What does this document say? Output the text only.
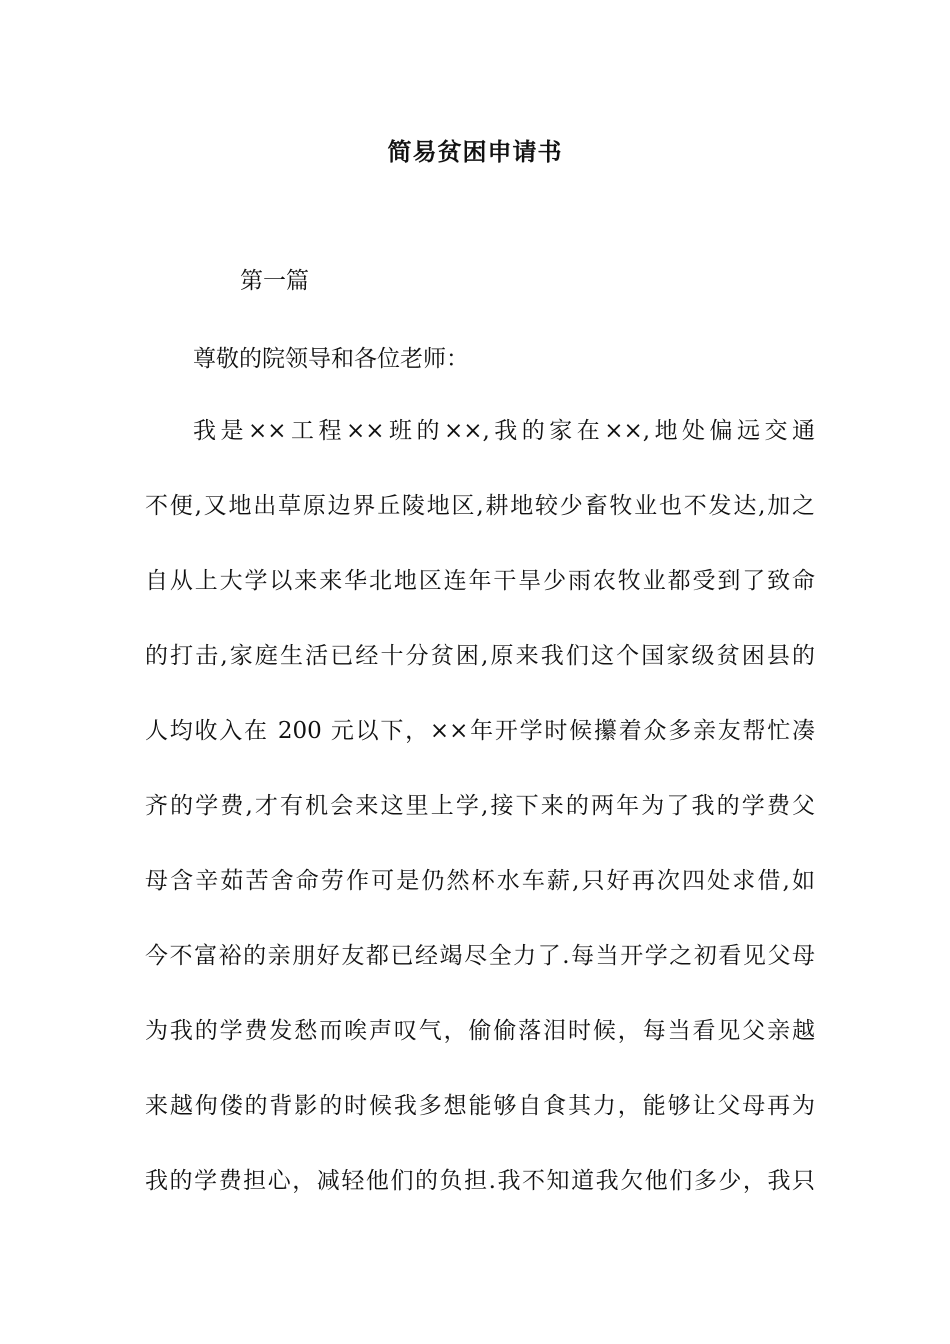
简易贫困申请书
第一篇
尊敬的院领导和各位老师：
我是××工程××班的××,我的家在××,地处偏远交通
不便,又地出草原边界丘陵地区,耕地较少畜牧业也不发达,加之
自从上大学以来来华北地区连年干旱少雨农牧业都受到了致命
的打击,家庭生活已经十分贫困,原来我们这个国家级贫困县的
人均收入在 200 元以下，××年开学时候攥着众多亲友帮忙凑
齐的学费,才有机会来这里上学,接下来的两年为了我的学费父
母含辛茹苦舍命劳作可是仍然杯水车薪,只好再次四处求借,如
今不富裕的亲朋好友都已经竭尽全力了.每当开学之初看见父母
为我的学费发愁而唉声叹气，偷偷落泪时候，每当看见父亲越
来越佝偻的背影的时候我多想能够自食其力，能够让父母再为
我的学费担心，减轻他们的负担.我不知道我欠他们多少，我只
